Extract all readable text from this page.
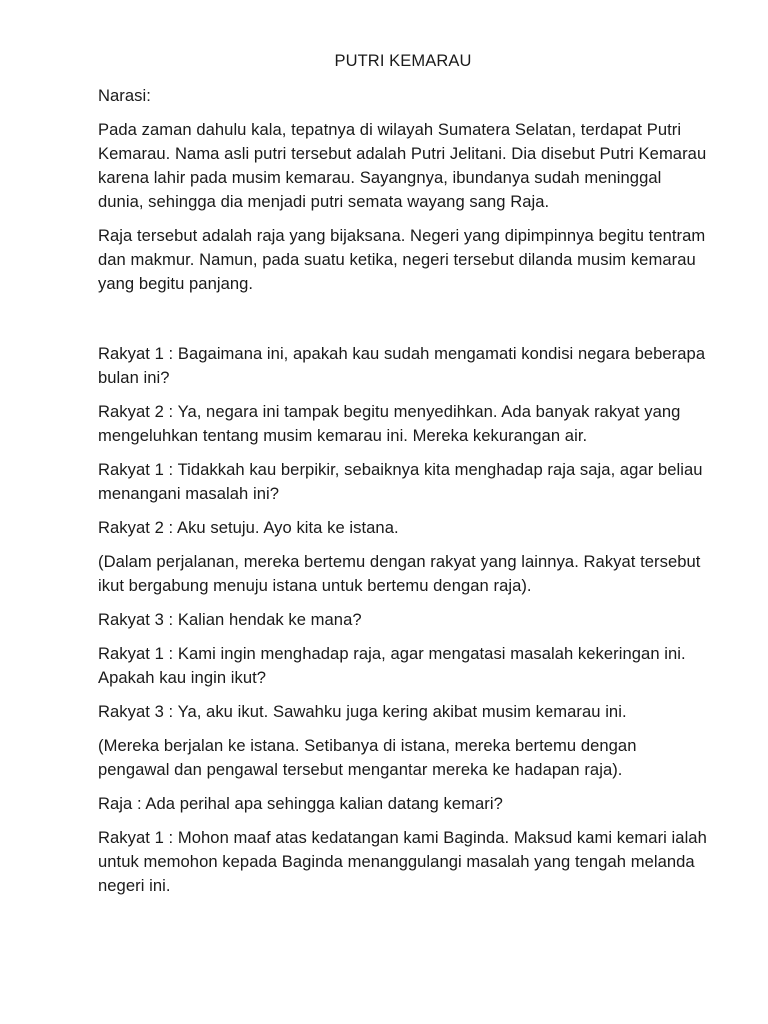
PUTRI KEMARAU
Narasi:
Pada zaman dahulu kala, tepatnya di wilayah Sumatera Selatan, terdapat Putri Kemarau. Nama asli putri tersebut adalah Putri Jelitani. Dia disebut Putri Kemarau karena lahir pada musim kemarau. Sayangnya, ibundanya sudah meninggal dunia, sehingga dia menjadi putri semata wayang sang Raja.
Raja tersebut adalah raja yang bijaksana. Negeri yang dipimpinnya begitu tentram dan makmur. Namun, pada suatu ketika, negeri tersebut dilanda musim kemarau yang begitu panjang.
Rakyat 1 : Bagaimana ini, apakah kau sudah mengamati kondisi negara beberapa bulan ini?
Rakyat 2 : Ya, negara ini tampak begitu menyedihkan. Ada banyak rakyat yang mengeluhkan tentang musim kemarau ini. Mereka kekurangan air.
Rakyat 1 : Tidakkah kau berpikir, sebaiknya kita menghadap raja saja, agar beliau menangani masalah ini?
Rakyat 2 : Aku setuju. Ayo kita ke istana.
(Dalam perjalanan, mereka bertemu dengan rakyat yang lainnya. Rakyat tersebut ikut bergabung menuju istana untuk bertemu dengan raja).
Rakyat 3 : Kalian hendak ke mana?
Rakyat 1 : Kami ingin menghadap raja, agar mengatasi masalah kekeringan ini. Apakah kau ingin ikut?
Rakyat 3 : Ya, aku ikut. Sawahku juga kering akibat musim kemarau ini.
(Mereka berjalan ke istana. Setibanya di istana, mereka bertemu dengan pengawal dan pengawal tersebut mengantar mereka ke hadapan raja).
Raja : Ada perihal apa sehingga kalian datang kemari?
Rakyat 1 : Mohon maaf atas kedatangan kami Baginda. Maksud kami kemari ialah untuk memohon kepada Baginda menanggulangi masalah yang tengah melanda negeri ini.
